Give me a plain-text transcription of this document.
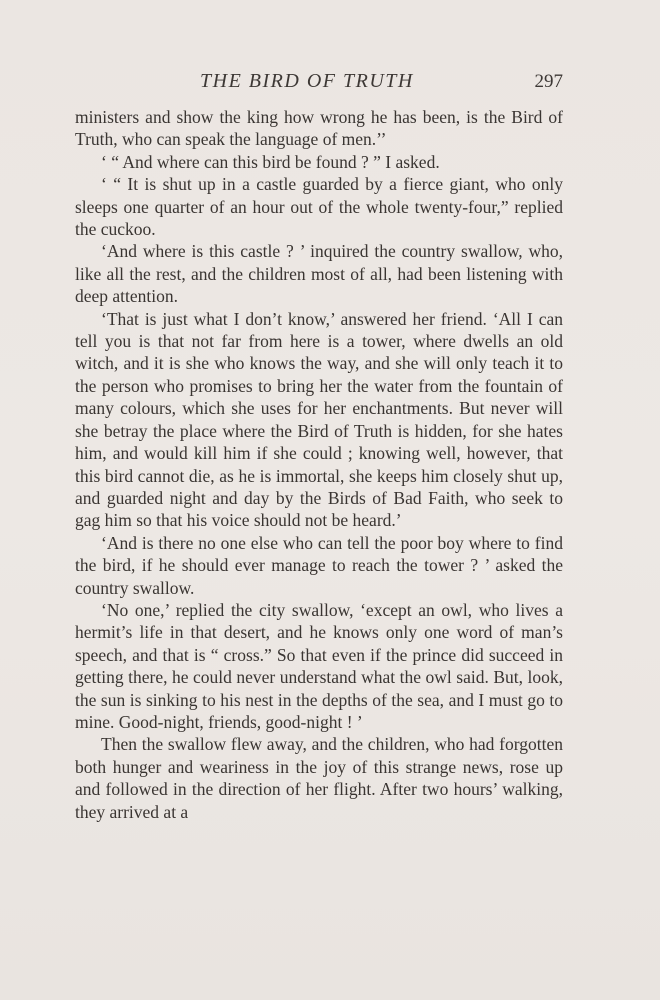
THE BIRD OF TRUTH	297

ministers and show the king how wrong he has been, is the Bird of Truth, who can speak the language of men.’’

‘ “ And where can this bird be found ? ” I asked.

‘ “ It is shut up in a castle guarded by a fierce giant, who only sleeps one quarter of an hour out of the whole twenty-four,” replied the cuckoo.

‘And where is this castle ? ’ inquired the country swallow, who, like all the rest, and the children most of all, had been listening with deep attention.

‘That is just what I don’t know,’ answered her friend. ‘All I can tell you is that not far from here is a tower, where dwells an old witch, and it is she who knows the way, and she will only teach it to the person who promises to bring her the water from the fountain of many colours, which she uses for her enchantments. But never will she betray the place where the Bird of Truth is hidden, for she hates him, and would kill him if she could ; knowing well, however, that this bird cannot die, as he is immortal, she keeps him closely shut up, and guarded night and day by the Birds of Bad Faith, who seek to gag him so that his voice should not be heard.’

‘And is there no one else who can tell the poor boy where to find the bird, if he should ever manage to reach the tower ? ’ asked the country swallow.

‘No one,’ replied the city swallow, ‘except an owl, who lives a hermit’s life in that desert, and he knows only one word of man’s speech, and that is “ cross.” So that even if the prince did succeed in getting there, he could never understand what the owl said. But, look, the sun is sinking to his nest in the depths of the sea, and I must go to mine. Good-night, friends, good-night ! ’

Then the swallow flew away, and the children, who had forgotten both hunger and weariness in the joy of this strange news, rose up and followed in the direction of her flight. After two hours’ walking, they arrived at a
